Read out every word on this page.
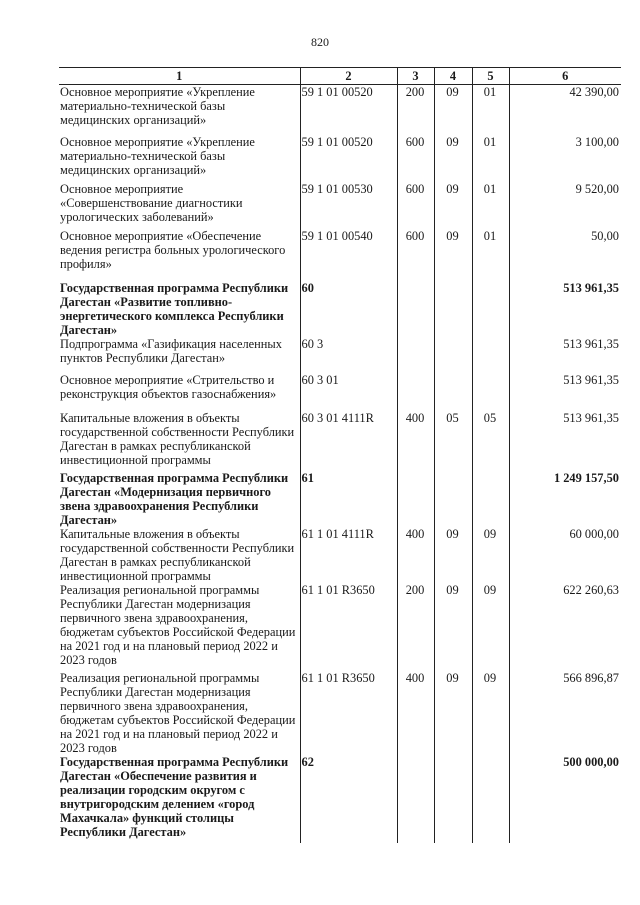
820
1	2	3	4	5	6
Основное мероприятие «Укрепление материально-технической базы медицинских организаций»	59 1 01 00520	200	09	01	42 390,00
Основное мероприятие «Укрепление материально-технической базы медицинских организаций»	59 1 01 00520	600	09	01	3 100,00
Основное мероприятие «Совершенствование диагностики урологических заболеваний»	59 1 01 00530	600	09	01	9 520,00
Основное мероприятие «Обеспечение ведения регистра больных урологического профиля»	59 1 01 00540	600	09	01	50,00
Государственная программа Республики Дагестан «Развитие топливно-энергетического комплекса Республики Дагестан»	60				513 961,35
Подпрограмма «Газификация населенных пунктов Республики Дагестан»	60 3				513 961,35
Основное мероприятие «Стрительство и реконструкция объектов газоснабжения»	60 3 01				513 961,35
Капитальные вложения в объекты государственной собственности Республики Дагестан в рамках республиканской инвестиционной программы	60 3 01 4111R	400	05	05	513 961,35
Государственная программа Республики Дагестан «Модернизация первичного звена здравоохранения Республики Дагестан»	61				1 249 157,50
Капитальные вложения в объекты государственной собственности Республики Дагестан в рамках республиканской инвестиционной программы	61 1 01 4111R	400	09	09	60 000,00
Реализация региональной программы Республики Дагестан модернизация первичного звена здравоохранения, бюджетам субъектов Российской Федерации на 2021 год и на плановый период 2022 и 2023 годов	61 1 01 R3650	200	09	09	622 260,63
Реализация региональной программы Республики Дагестан модернизация первичного звена здравоохранения, бюджетам субъектов Российской Федерации на 2021 год и на плановый период 2022 и 2023 годов	61 1 01 R3650	400	09	09	566 896,87
Государственная программа Республики Дагестан «Обеспечение развития и реализации городским округом с внутригородским делением «город Махачкала» функций столицы Республики Дагестан»	62				500 000,00
